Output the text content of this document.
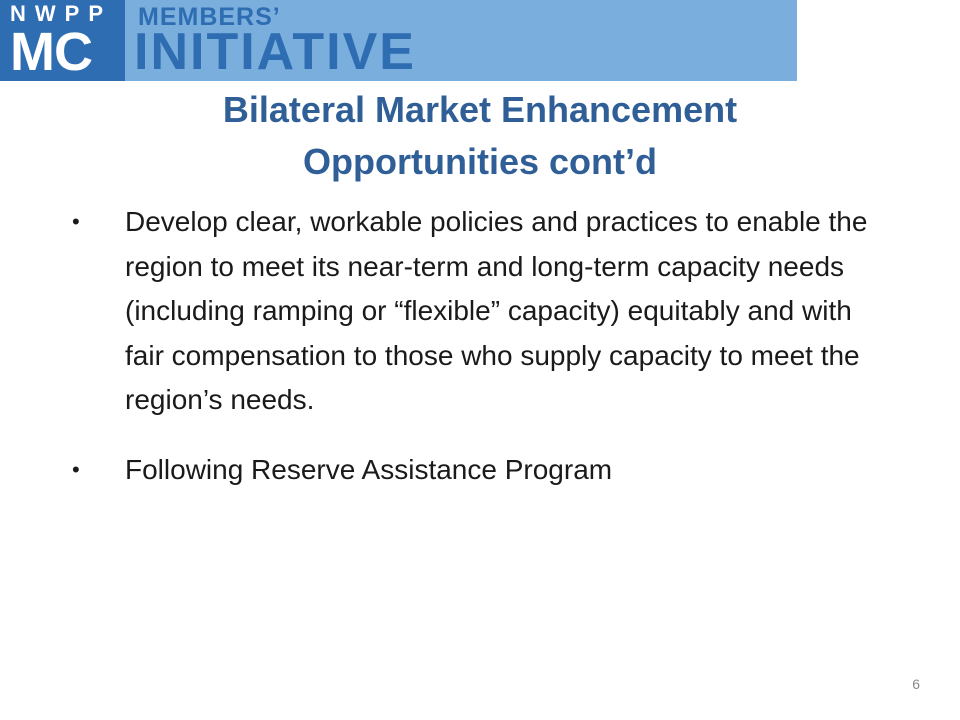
NWPP
MC
MEMBERS’
INITIATIVE
Bilateral Market Enhancement
Opportunities cont’d
•	Develop clear, workable policies and practices to enable the region to meet its near-term and long-term capacity needs (including ramping or “flexible” capacity) equitably and with fair compensation to those who supply capacity to meet the region’s needs.
•	Following Reserve Assistance Program
6
